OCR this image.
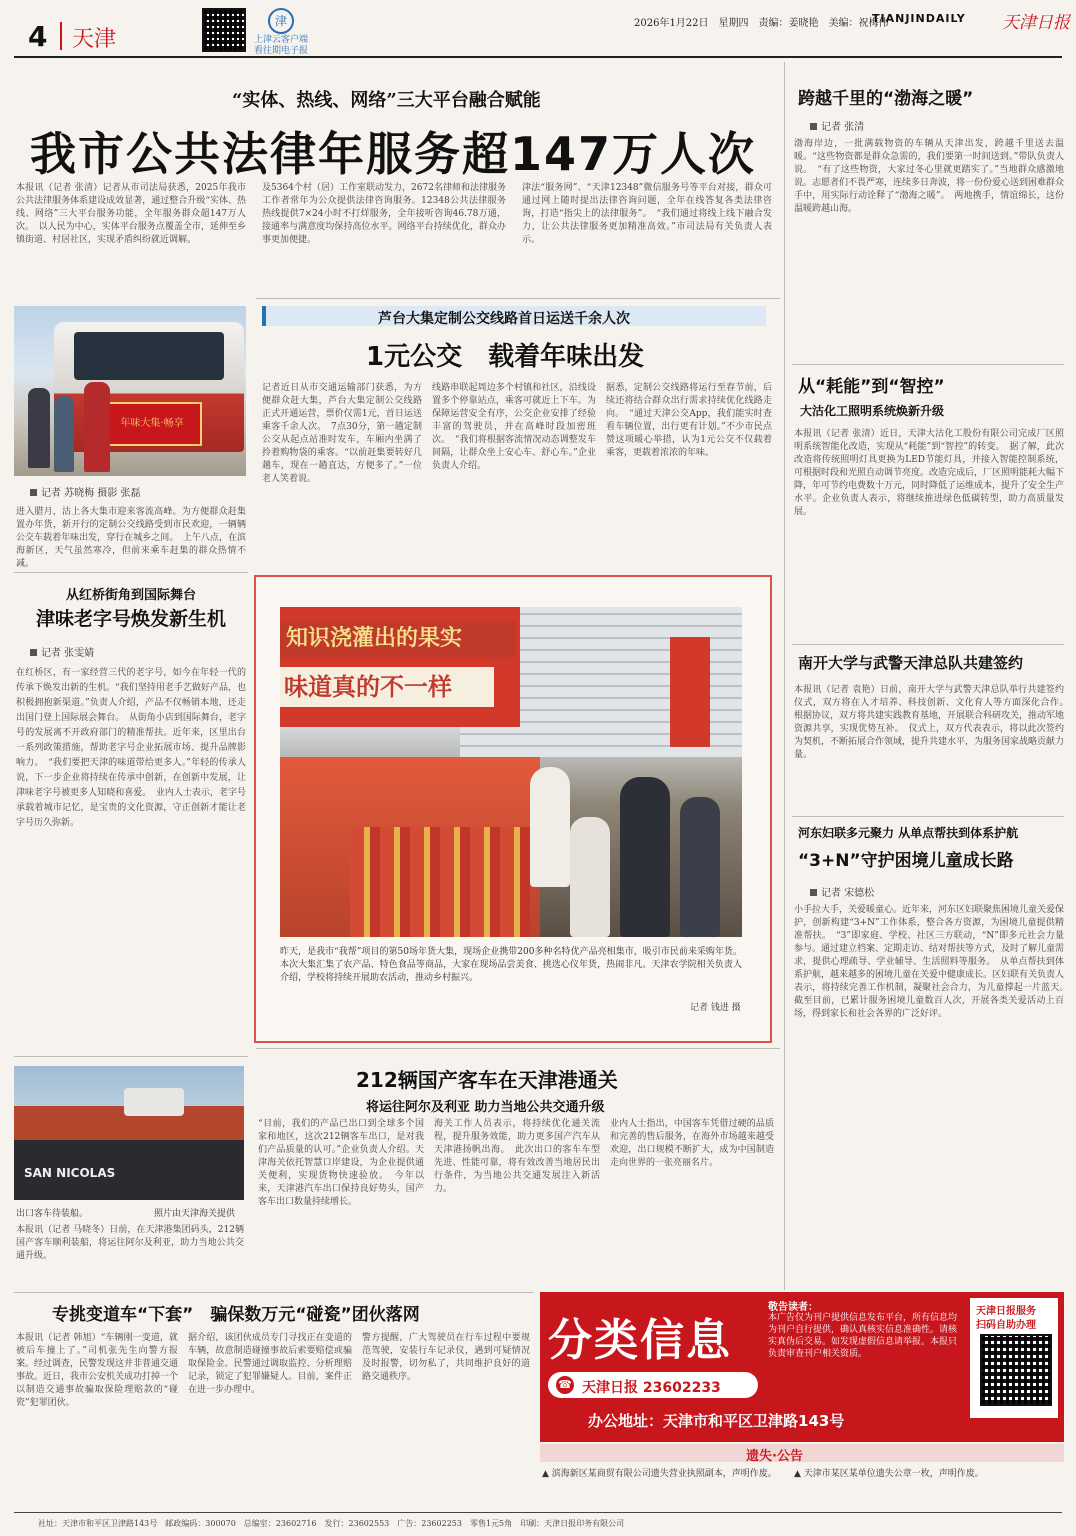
4 天津
津
上津云客户端
看往期电子报
2026年1月22日　星期四　责编：姜晓艳　美编：祝梅伟
TIANJINDAILY 天津日报
“实体、热线、网络”三大平台融合赋能
我市公共法律年服务超147万人次
本报讯（记者 张清）记者从市司法局获悉，2025年我市公共法律服务体系建设成效显著，通过整合升级“实体、热线、网络”三大平台服务功能，全年服务群众超147万人次。　以人民为中心，实体平台服务点覆盖全市，延伸至乡镇街道、村居社区，实现矛盾纠纷就近调解。
及5364个村（居）工作室联动发力，2672名律师和法律服务工作者常年为公众提供法律咨询服务。12348公共法律服务热线提供7×24小时不打烊服务，全年接听咨询46.78万通，接通率与满意度均保持高位水平。网络平台持续优化，群众办事更加便捷。
津法“服务网”、“天津12348”微信服务号等平台对接，群众可通过网上随时提出法律咨询问题，全年在线答复各类法律咨询，打造“指尖上的法律服务”。　“我们通过将线上线下融合发力，让公共法律服务更加精准高效。”市司法局有关负责人表示。
年味大集·畅享
记者 苏晓梅 摄影 张磊
进入腊月，沽上各大集市迎来客流高峰。为方便群众赶集置办年货，新开行的定制公交线路受到市民欢迎，一辆辆公交车载着年味出发，穿行在城乡之间。　上午八点，在滨海新区，天气虽然寒冷，但前来乘车赶集的群众热情不减。
从红桥街角到国际舞台
津味老字号焕发新生机
记者 张雯婧
在红桥区，有一家经营三代的老字号，如今在年轻一代的传承下焕发出新的生机。“我们坚持用老手艺做好产品，也积极拥抱新渠道。”负责人介绍，产品不仅畅销本地，还走出国门登上国际展会舞台。　从街角小店到国际舞台，老字号的发展离不开政府部门的精准帮扶。近年来，区里出台一系列政策措施，帮助老字号企业拓展市场、提升品牌影响力。　“我们要把天津的味道带给更多人。”年轻的传承人说，下一步企业将持续在传承中创新，在创新中发展，让津味老字号被更多人知晓和喜爱。　业内人士表示，老字号承载着城市记忆，是宝贵的文化资源，守正创新才能让老字号历久弥新。
芦台大集定制公交线路首日运送千余人次
1元公交　载着年味出发
记者近日从市交通运输部门获悉，为方便群众赶大集，芦台大集定制公交线路正式开通运营，票价仅需1元，首日运送乘客千余人次。　7点30分，第一趟定制公交从起点站准时发车，车厢内坐满了拎着购物袋的乘客。“以前赶集要转好几趟车，现在一趟直达，方便多了。”一位老人笑着说。
线路串联起周边多个村镇和社区，沿线设置多个停靠站点，乘客可就近上下车。为保障运营安全有序，公交企业安排了经验丰富的驾驶员，并在高峰时段加密班次。　“我们将根据客流情况动态调整发车间隔，让群众坐上安心车、舒心车。”企业负责人介绍。
据悉，定制公交线路将运行至春节前，后续还将结合群众出行需求持续优化线路走向。　“通过天津公交App，我们能实时查看车辆位置，出行更有计划。”不少市民点赞这项暖心举措，认为1元公交不仅载着乘客，更载着浓浓的年味。
知识浇灌出的果实
味道真的不一样
昨天，是我市“我帮”项目的第50场年货大集，现场企业携带200多种名特优产品亮相集市，吸引市民前来采购年货。本次大集汇集了农产品、特色食品等商品，大家在现场品尝美食、挑选心仪年货，热闹非凡。天津农学院相关负责人介绍，学校将持续开展助农活动，推动乡村振兴。
记者 钱进 摄
SAN NICOLAS
出口客车待装船。	照片由天津海关提供
本报讯（记者 马晓冬）日前，在天津港集团码头，212辆国产客车顺利装船，将运往阿尔及利亚，助力当地公共交通升级。
212辆国产客车在天津港通关
将运往阿尔及利亚 助力当地公共交通升级
“目前，我们的产品已出口到全球多个国家和地区，这次212辆客车出口，是对我们产品质量的认可。”企业负责人介绍。天津海关依托智慧口岸建设，为企业提供通关便利，实现货物快速验放。　今年以来，天津港汽车出口保持良好势头，国产客车出口数量持续增长。
海关工作人员表示，将持续优化通关流程，提升服务效能，助力更多国产汽车从天津港扬帆出海。　此次出口的客车车型先进、性能可靠，将有效改善当地居民出行条件，为当地公共交通发展注入新活力。
业内人士指出，中国客车凭借过硬的品质和完善的售后服务，在海外市场越来越受欢迎，出口规模不断扩大，成为中国制造走向世界的一张亮丽名片。
专挑变道车“下套”　骗保数万元“碰瓷”团伙落网
本报讯（记者 韩旭）“车辆刚一变道，就被后车撞上了。”司机张先生向警方报案。经过调查，民警发现这并非普通交通事故。近日，我市公安机关成功打掉一个以制造交通事故骗取保险理赔款的“碰瓷”犯罪团伙。
据介绍，该团伙成员专门寻找正在变道的车辆，故意制造碰撞事故后索要赔偿或骗取保险金。民警通过调取监控、分析理赔记录，锁定了犯罪嫌疑人。目前，案件正在进一步办理中。
警方提醒，广大驾驶员在行车过程中要规范驾驶，安装行车记录仪，遇到可疑情况及时报警，切勿私了，共同维护良好的道路交通秩序。
跨越千里的“渤海之暖”
记者 张清
渤海岸边，一批满载物资的车辆从天津出发，跨越千里送去温暖。“这些物资都是群众急需的，我们要第一时间送到。”带队负责人说。　“有了这些物资，大家过冬心里就更踏实了。”当地群众感激地说。志愿者们不畏严寒，连续多日奔波，将一份份爱心送到困难群众手中，用实际行动诠释了“渤海之暖”。　两地携手，情谊绵长，这份温暖跨越山海。
从“耗能”到“智控”
大沽化工照明系统焕新升级
本报讯（记者 张清）近日，天津大沽化工股份有限公司完成厂区照明系统智能化改造，实现从“耗能”到“智控”的转变。　据了解，此次改造将传统照明灯具更换为LED节能灯具，并接入智能控制系统，可根据时段和光照自动调节亮度。改造完成后，厂区照明能耗大幅下降，年可节约电费数十万元，同时降低了运维成本，提升了安全生产水平。企业负责人表示，将继续推进绿色低碳转型，助力高质量发展。
南开大学与武警天津总队共建签约
本报讯（记者 袁艳）日前，南开大学与武警天津总队举行共建签约仪式，双方将在人才培养、科技创新、文化育人等方面深化合作。　根据协议，双方将共建实践教育基地，开展联合科研攻关，推动军地资源共享，实现优势互补。　仪式上，双方代表表示，将以此次签约为契机，不断拓展合作领域，提升共建水平，为服务国家战略贡献力量。
河东妇联多元聚力 从单点帮扶到体系护航
“3+N”守护困境儿童成长路
记者 宋德松
小手拉大手，关爱暖童心。近年来，河东区妇联聚焦困境儿童关爱保护，创新构建“3+N”工作体系，整合各方资源，为困境儿童提供精准帮扶。　“3”即家庭、学校、社区三方联动，“N”即多元社会力量参与。通过建立档案、定期走访、结对帮扶等方式，及时了解儿童需求，提供心理疏导、学业辅导、生活照料等服务。　从单点帮扶到体系护航，越来越多的困境儿童在关爱中健康成长。区妇联有关负责人表示，将持续完善工作机制，凝聚社会合力，为儿童撑起一片蓝天。　截至目前，已累计服务困境儿童数百人次，开展各类关爱活动上百场，得到家长和社会各界的广泛好评。
分类信息
☎ 天津日报 23602233
办公地址：天津市和平区卫津路143号
敬告读者：
本广告仅为刊户提供信息发布平台，所有信息均为刊户自行提供，确认真核实信息准确性。请核实真伪后交易。如发现虚假信息请举报。本报只负责审查刊户相关资质。
天津日报服务
扫码自助办理
遗失·公告
▲ 滨海新区某商贸有限公司遗失营业执照副本，声明作废。	▲ 天津市某区某单位遗失公章一枚，声明作废。
社址：天津市和平区卫津路143号　邮政编码：300070　总编室：23602716　发行：23602553　广告：23602253　零售1元5角　印刷：天津日报印务有限公司
